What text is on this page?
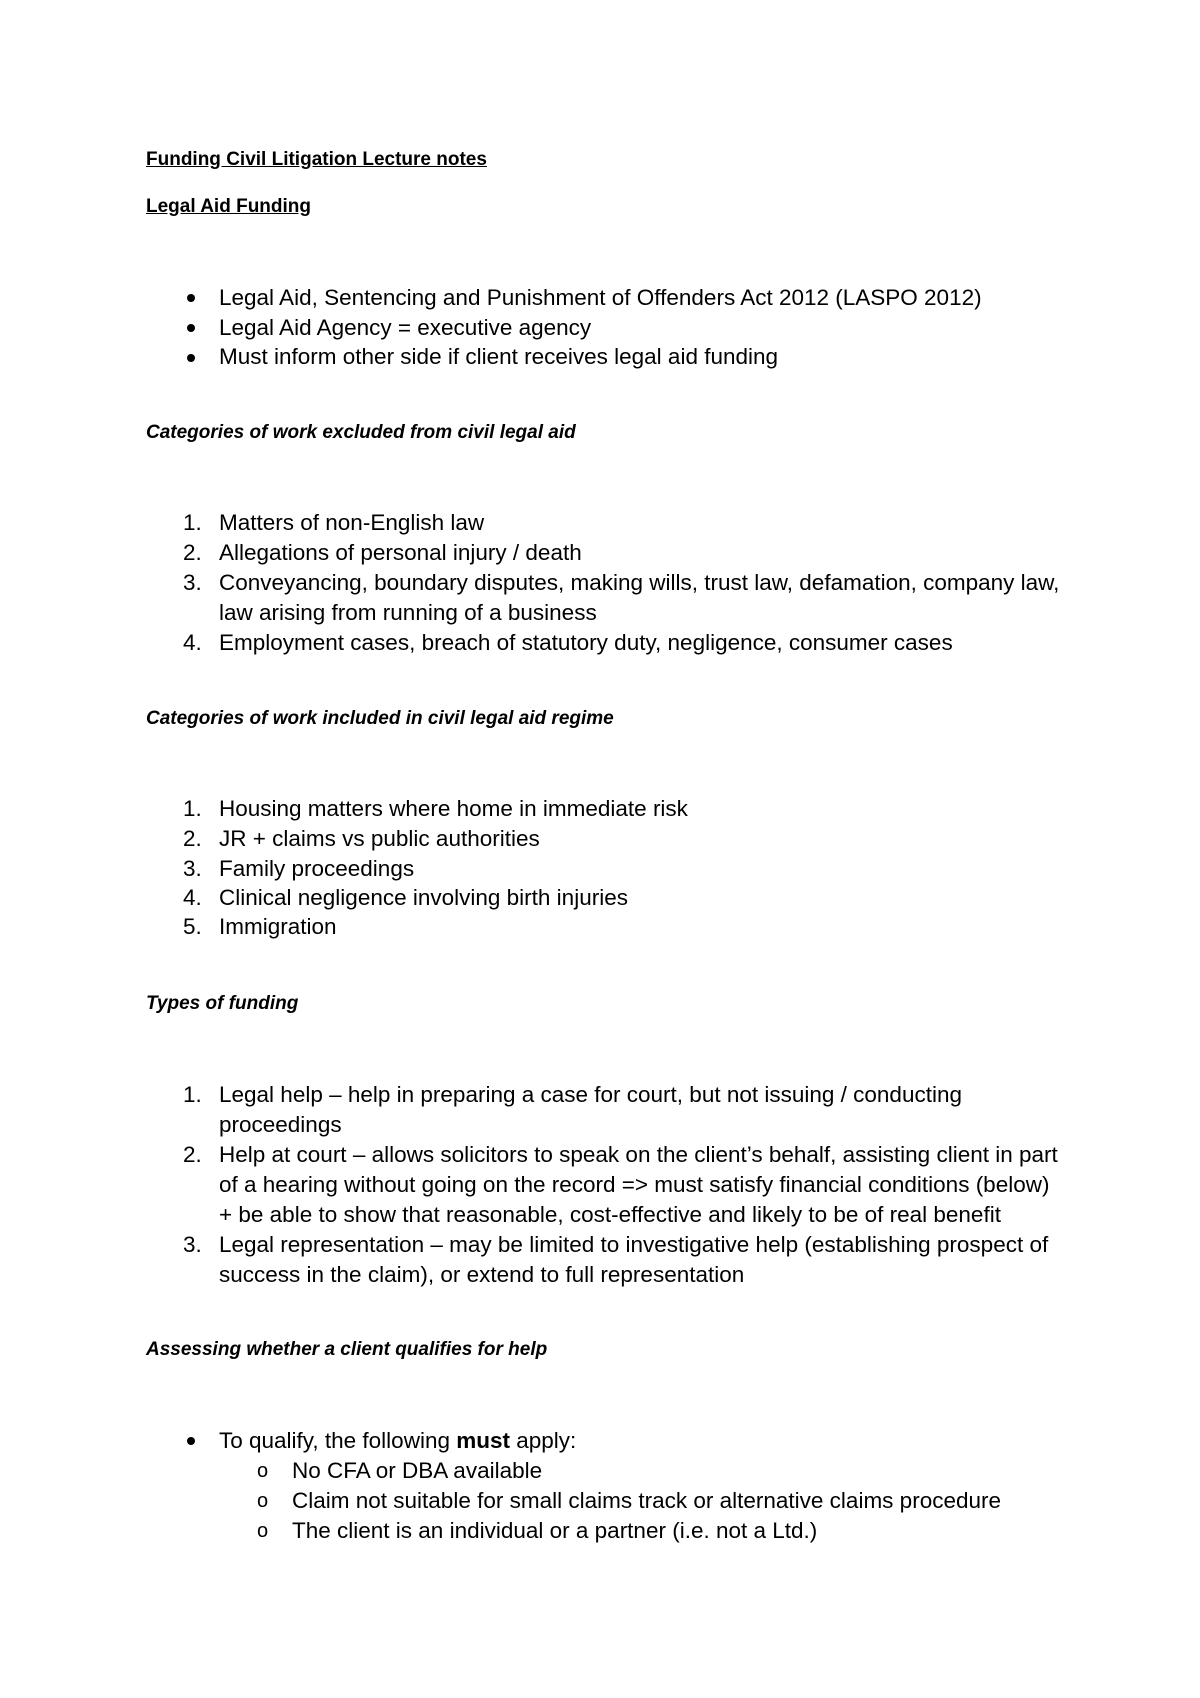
Funding Civil Litigation Lecture notes
Legal Aid Funding
Legal Aid, Sentencing and Punishment of Offenders Act 2012 (LASPO 2012)
Legal Aid Agency = executive agency
Must inform other side if client receives legal aid funding
Categories of work excluded from civil legal aid
1. Matters of non-English law
2. Allegations of personal injury / death
3. Conveyancing, boundary disputes, making wills, trust law, defamation, company law,
law arising from running of a business
4. Employment cases, breach of statutory duty, negligence, consumer cases
Categories of work included in civil legal aid regime
1. Housing matters where home in immediate risk
2. JR + claims vs public authorities
3. Family proceedings
4. Clinical negligence involving birth injuries
5. Immigration
Types of funding
1. Legal help – help in preparing a case for court, but not issuing / conducting
proceedings
2. Help at court – allows solicitors to speak on the client’s behalf, assisting client in part
of a hearing without going on the record => must satisfy financial conditions (below)
+ be able to show that reasonable, cost-effective and likely to be of real benefit
3. Legal representation – may be limited to investigative help (establishing prospect of
success in the claim), or extend to full representation
Assessing whether a client qualifies for help
To qualify, the following must apply:
o No CFA or DBA available
o Claim not suitable for small claims track or alternative claims procedure
o The client is an individual or a partner (i.e. not a Ltd.)
